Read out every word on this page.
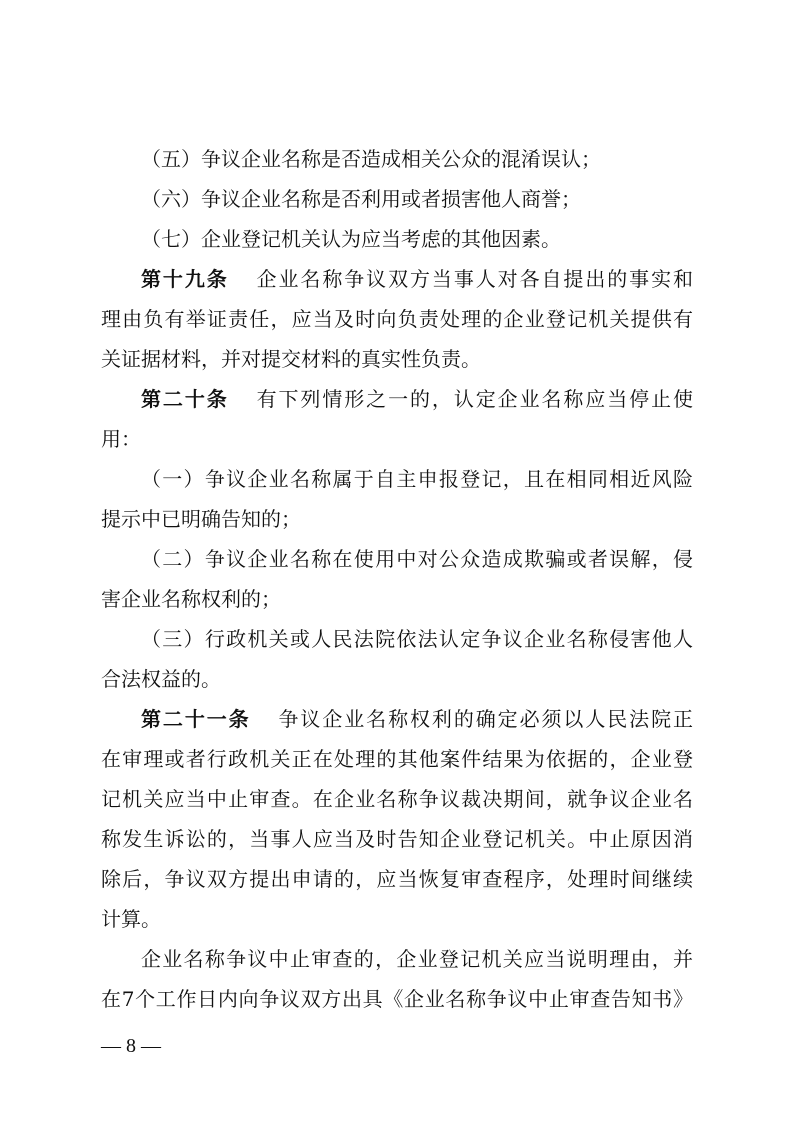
（五）争议企业名称是否造成相关公众的混淆误认；
（六）争议企业名称是否利用或者损害他人商誉；
（七）企业登记机关认为应当考虑的其他因素。
第十九条 企业名称争议双方当事人对各自提出的事实和
理由负有举证责任，应当及时向负责处理的企业登记机关提供有
关证据材料，并对提交材料的真实性负责。
第二十条 有下列情形之一的，认定企业名称应当停止使
用：
（一）争议企业名称属于自主申报登记，且在相同相近风险
提示中已明确告知的；
（二）争议企业名称在使用中对公众造成欺骗或者误解，侵
害企业名称权利的；
（三）行政机关或人民法院依法认定争议企业名称侵害他人
合法权益的。
第二十一条 争议企业名称权利的确定必须以人民法院正
在审理或者行政机关正在处理的其他案件结果为依据的，企业登
记机关应当中止审查。在企业名称争议裁决期间，就争议企业名
称发生诉讼的，当事人应当及时告知企业登记机关。中止原因消
除后，争议双方提出申请的，应当恢复审查程序，处理时间继续
计算。
企业名称争议中止审查的，企业登记机关应当说明理由，并
在7个工作日内向争议双方出具《企业名称争议中止审查告知书》
— 8 —
